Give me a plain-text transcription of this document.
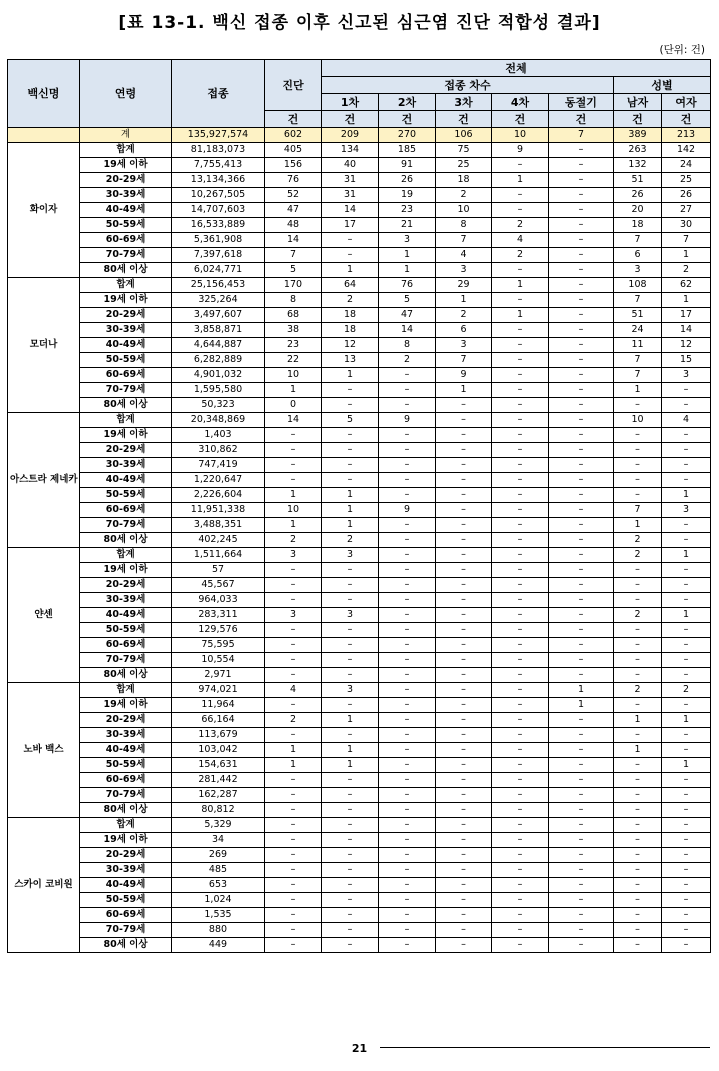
[표 13-1. 백신 접종 이후 신고된 심근염 진단 적합성 결과]
(단위: 건)
백신명	연령	접종	진단	전체						
				접종 차수					성별	
				1차	2차	3차	4차	동절기	남자	여자
			건	건	건	건	건	건	건	건
	계	135,927,574	602	209	270	106	10	7	389	213
화이자	합계	81,183,073	405	134	185	75	9	–	263	142
	19세 이하	7,755,413	156	40	91	25	–	–	132	24
	20-29세	13,134,366	76	31	26	18	1	–	51	25
	30-39세	10,267,505	52	31	19	2	–	–	26	26
	40-49세	14,707,603	47	14	23	10	–	–	20	27
	50-59세	16,533,889	48	17	21	8	2	–	18	30
	60-69세	5,361,908	14	–	3	7	4	–	7	7
	70-79세	7,397,618	7	–	1	4	2	–	6	1
	80세 이상	6,024,771	5	1	1	3	–	–	3	2
모더나	합계	25,156,453	170	64	76	29	1	–	108	62
	19세 이하	325,264	8	2	5	1	–	–	7	1
	20-29세	3,497,607	68	18	47	2	1	–	51	17
	30-39세	3,858,871	38	18	14	6	–	–	24	14
	40-49세	4,644,887	23	12	8	3	–	–	11	12
	50-59세	6,282,889	22	13	2	7	–	–	7	15
	60-69세	4,901,032	10	1	–	9	–	–	7	3
	70-79세	1,595,580	1	–	–	1	–	–	1	–
	80세 이상	50,323	0	–	–	–	–	–	–	–
아스트라 제네카	합계	20,348,869	14	5	9	–	–	–	10	4
	19세 이하	1,403	–	–	–	–	–	–	–	–
	20-29세	310,862	–	–	–	–	–	–	–	–
	30-39세	747,419	–	–	–	–	–	–	–	–
	40-49세	1,220,647	–	–	–	–	–	–	–	–
	50-59세	2,226,604	1	1	–	–	–	–	–	1
	60-69세	11,951,338	10	1	9	–	–	–	7	3
	70-79세	3,488,351	1	1	–	–	–	–	1	–
	80세 이상	402,245	2	2	–	–	–	–	2	–
얀센	합계	1,511,664	3	3	–	–	–	–	2	1
	19세 이하	57	–	–	–	–	–	–	–	–
	20-29세	45,567	–	–	–	–	–	–	–	–
	30-39세	964,033	–	–	–	–	–	–	–	–
	40-49세	283,311	3	3	–	–	–	–	2	1
	50-59세	129,576	–	–	–	–	–	–	–	–
	60-69세	75,595	–	–	–	–	–	–	–	–
	70-79세	10,554	–	–	–	–	–	–	–	–
	80세 이상	2,971	–	–	–	–	–	–	–	–
노바 백스	합계	974,021	4	3	–	–	–	1	2	2
	19세 이하	11,964	–	–	–	–	–	1	–	–
	20-29세	66,164	2	1	–	–	–	–	1	1
	30-39세	113,679	–	–	–	–	–	–	–	–
	40-49세	103,042	1	1	–	–	–	–	1	–
	50-59세	154,631	1	1	–	–	–	–	–	1
	60-69세	281,442	–	–	–	–	–	–	–	–
	70-79세	162,287	–	–	–	–	–	–	–	–
	80세 이상	80,812	–	–	–	–	–	–	–	–
스카이 코비원	합계	5,329	–	–	–	–	–	–	–	–
	19세 이하	34	–	–	–	–	–	–	–	–
	20-29세	269	–	–	–	–	–	–	–	–
	30-39세	485	–	–	–	–	–	–	–	–
	40-49세	653	–	–	–	–	–	–	–	–
	50-59세	1,024	–	–	–	–	–	–	–	–
	60-69세	1,535	–	–	–	–	–	–	–	–
	70-79세	880	–	–	–	–	–	–	–	–
	80세 이상	449	–	–	–	–	–	–	–	–
21
